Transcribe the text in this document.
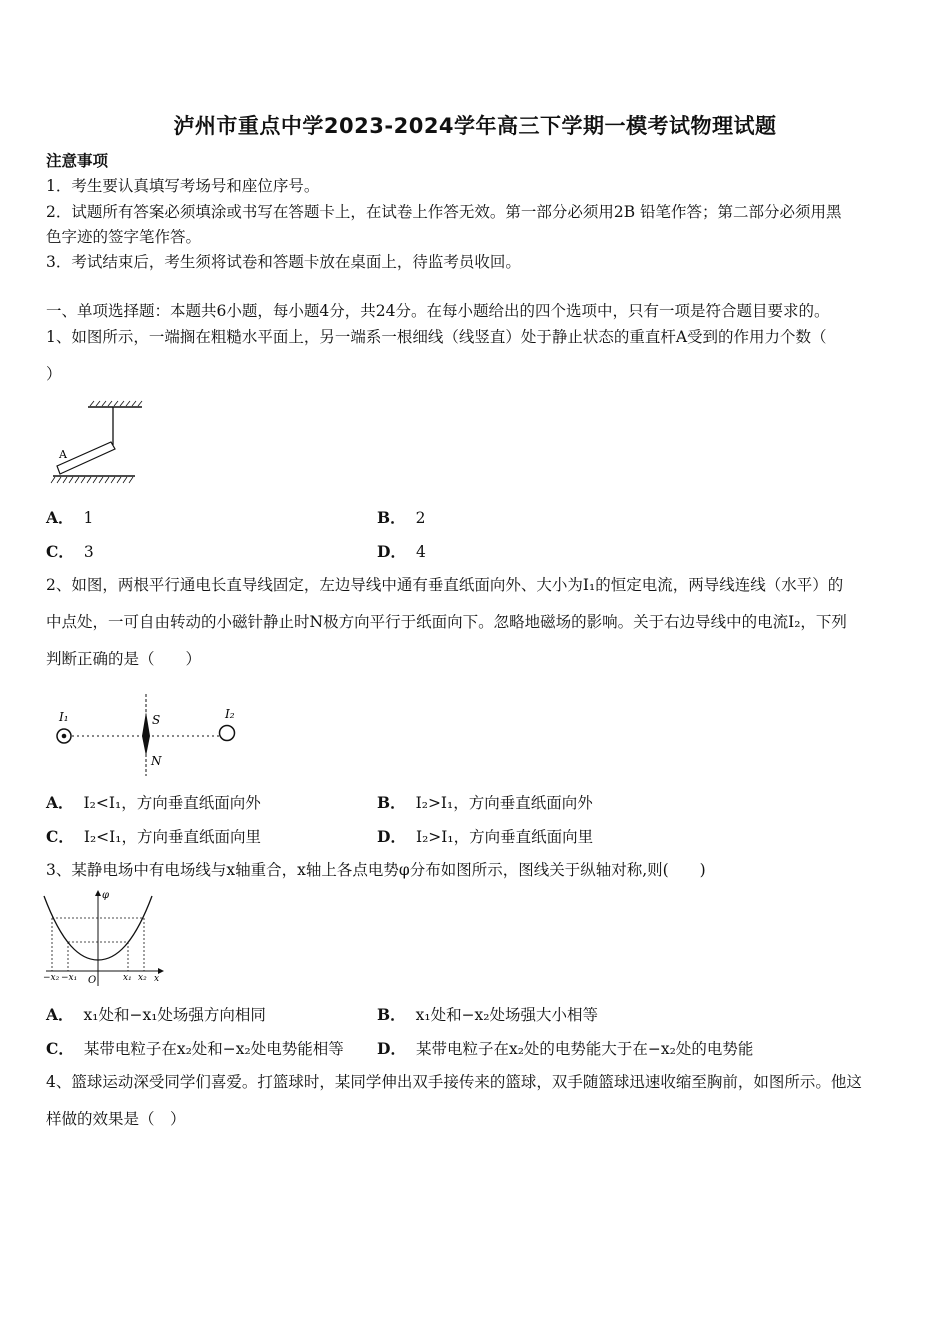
泸州市重点中学2023-2024学年高三下学期一模考试物理试题
注意事项
1．考生要认真填写考场号和座位序号。
2．试题所有答案必须填涂或书写在答题卡上，在试卷上作答无效。第一部分必须用2B 铅笔作答；第二部分必须用黑
色字迹的签字笔作答。
3．考试结束后，考生须将试卷和答题卡放在桌面上，待监考员收回。
一、单项选择题：本题共6小题，每小题4分，共24分。在每小题给出的四个选项中，只有一项是符合题目要求的。
1、如图所示，一端搁在粗糙水平面上，另一端系一根细线（线竖直）处于静止状态的重直杆A受到的作用力个数（
）
A
A． 1	B． 2
C． 3	D． 4
2、如图，两根平行通电长直导线固定，左边导线中通有垂直纸面向外、大小为I₁的恒定电流，两导线连线（水平）的
中点处，一可自由转动的小磁针静止时N极方向平行于纸面向下。忽略地磁场的影响。关于右边导线中的电流I₂，下列
判断正确的是（　　）
I₁	I₂
S
N
A． I₂<I₁，方向垂直纸面向外	B． I₂>I₁，方向垂直纸面向外
C． I₂<I₁，方向垂直纸面向里	D． I₂>I₁，方向垂直纸面向里
3、某静电场中有电场线与x轴重合，x轴上各点电势φ分布如图所示，图线关于纵轴对称,则(　　)
φ
x
O
−x₂ −x₁	x₁ x₂
A． x₁处和−x₁处场强方向相同	B． x₁处和−x₂处场强大小相等
C． 某带电粒子在x₂处和−x₂处电势能相等 D． 某带电粒子在x₂处的电势能大于在−x₂处的电势能
4、篮球运动深受同学们喜爱。打篮球时，某同学伸出双手接传来的篮球，双手随篮球迅速收缩至胸前，如图所示。他这
样做的效果是（　）
